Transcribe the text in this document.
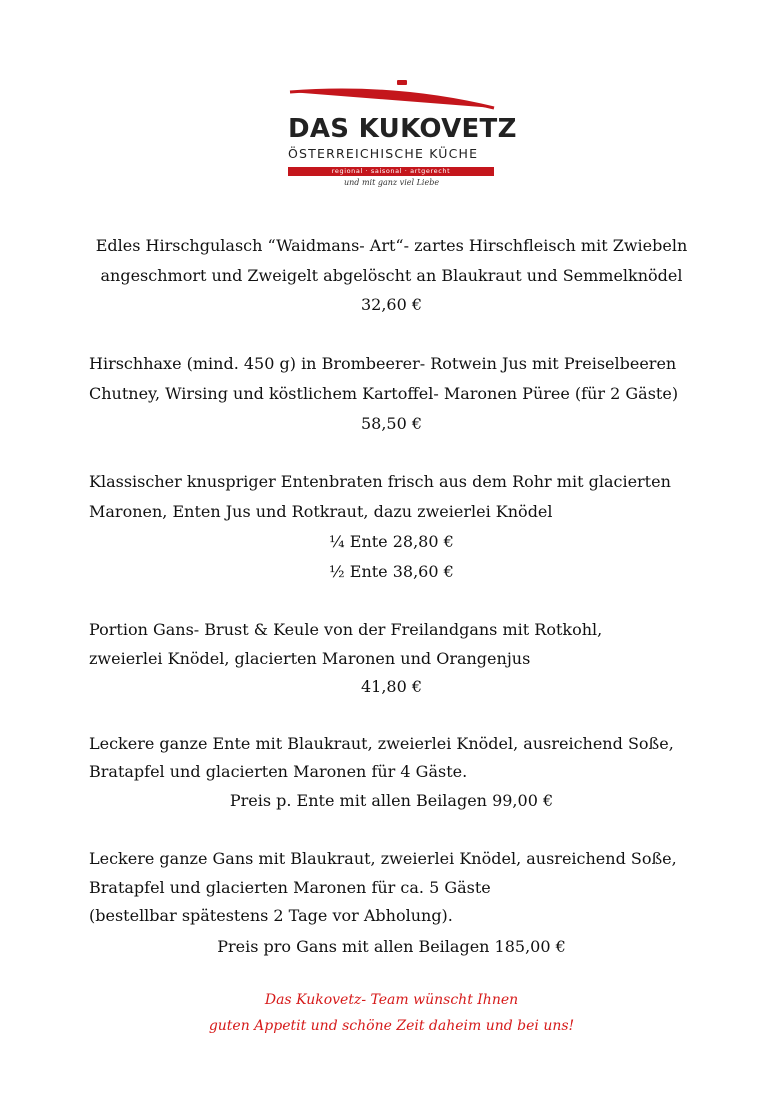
DAS KUKOVETZ
ÖSTERREICHISCHE KÜCHE
regional · saisonal · artgerecht
und mit ganz viel Liebe
Edles Hirschgulasch “Waidmans- Art“- zartes Hirschfleisch mit Zwiebeln
angeschmort und Zweigelt abgelöscht an Blaukraut und Semmelknödel
32,60 €
Hirschhaxe (mind. 450 g) in Brombeerer- Rotwein Jus mit Preiselbeeren
Chutney, Wirsing und köstlichem Kartoffel- Maronen Püree (für 2 Gäste)
58,50 €
Klassischer knuspriger Entenbraten frisch aus dem Rohr mit glacierten
Maronen, Enten Jus und Rotkraut, dazu zweierlei Knödel
¼ Ente 28,80 €
½ Ente 38,60 €
Portion Gans- Brust & Keule von der Freilandgans mit Rotkohl,
zweierlei Knödel, glacierten Maronen und Orangenjus
41,80 €
Leckere ganze Ente mit Blaukraut, zweierlei Knödel, ausreichend Soße,
Bratapfel und glacierten Maronen für 4 Gäste.
Preis p. Ente mit allen Beilagen 99,00 €
Leckere ganze Gans mit Blaukraut, zweierlei Knödel, ausreichend Soße,
Bratapfel und glacierten Maronen für ca. 5 Gäste
(bestellbar spätestens 2 Tage vor Abholung).
Preis pro Gans mit allen Beilagen 185,00 €
Das Kukovetz- Team wünscht Ihnen
guten Appetit und schöne Zeit daheim und bei uns!
